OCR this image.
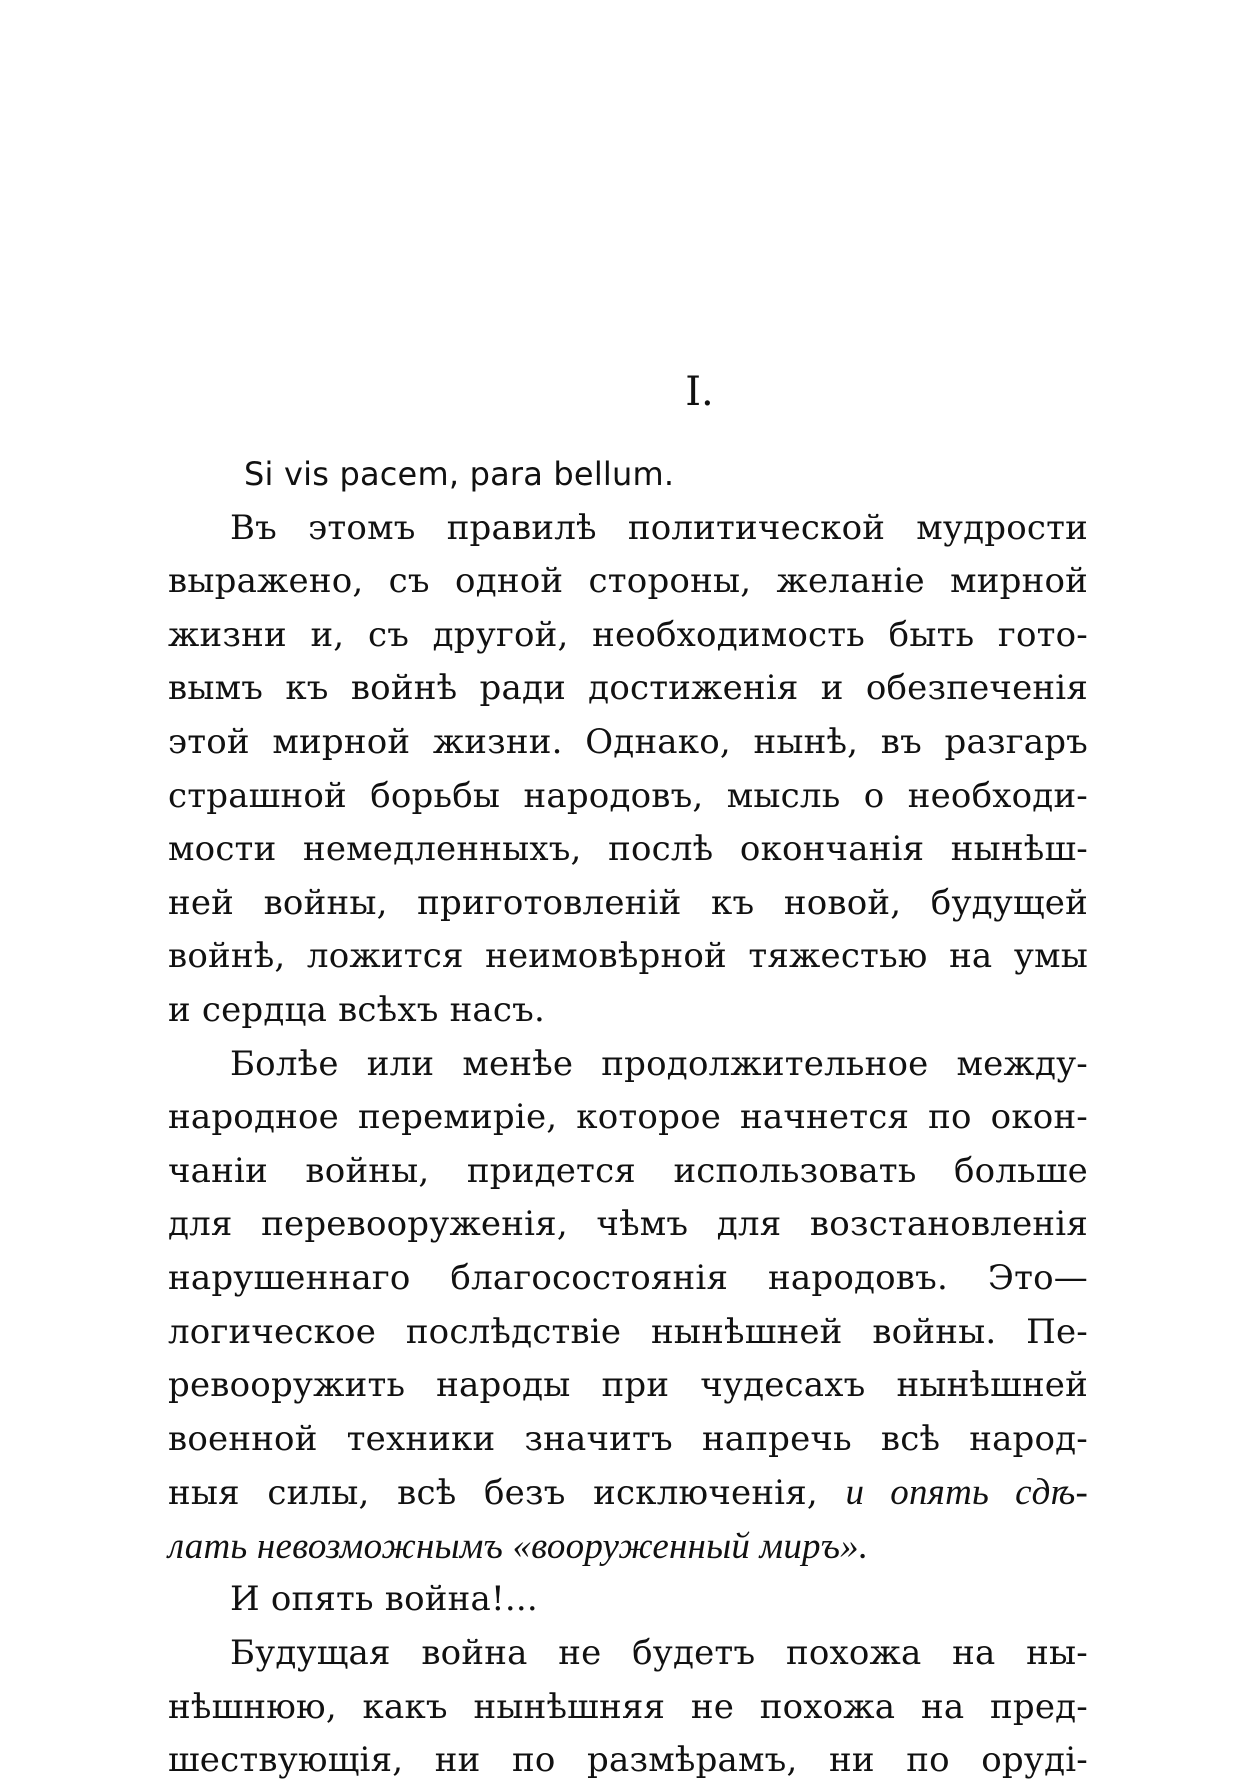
I.
Si vis pacem, para bellum.
Въ этомъ правилѣ политической мудрости
выражено, съ одной стороны, желаніе мирной
жизни и, съ другой, необходимость быть гото-
вымъ къ войнѣ ради достиженія и обезпеченія
этой мирной жизни. Однако, нынѣ, въ разгаръ
страшной борьбы народовъ, мысль о необходи-
мости немедленныхъ, послѣ окончанія нынѣш-
ней войны, приготовленій къ новой, будущей
войнѣ, ложится неимовѣрной тяжестью на умы
и сердца всѣхъ насъ.
Болѣе или менѣе продолжительное между-
народное перемиріе, которое начнется по окон-
чаніи войны, придется использовать больше
для перевооруженія, чѣмъ для возстановленія
нарушеннаго благосостоянія народовъ. Это—
логическое послѣдствіе нынѣшней войны. Пе-
ревооружить народы при чудесахъ нынѣшней
военной техники значитъ напречь всѣ народ-
ныя силы, всѣ безъ исключенія, и опять сдѣ-
лать невозможнымъ «вооруженный миръ».
И опять война!...
Будущая война не будетъ похожа на ны-
нѣшнюю, какъ нынѣшняя не похожа на пред-
шествующія, ни по размѣрамъ, ни по оруді-
